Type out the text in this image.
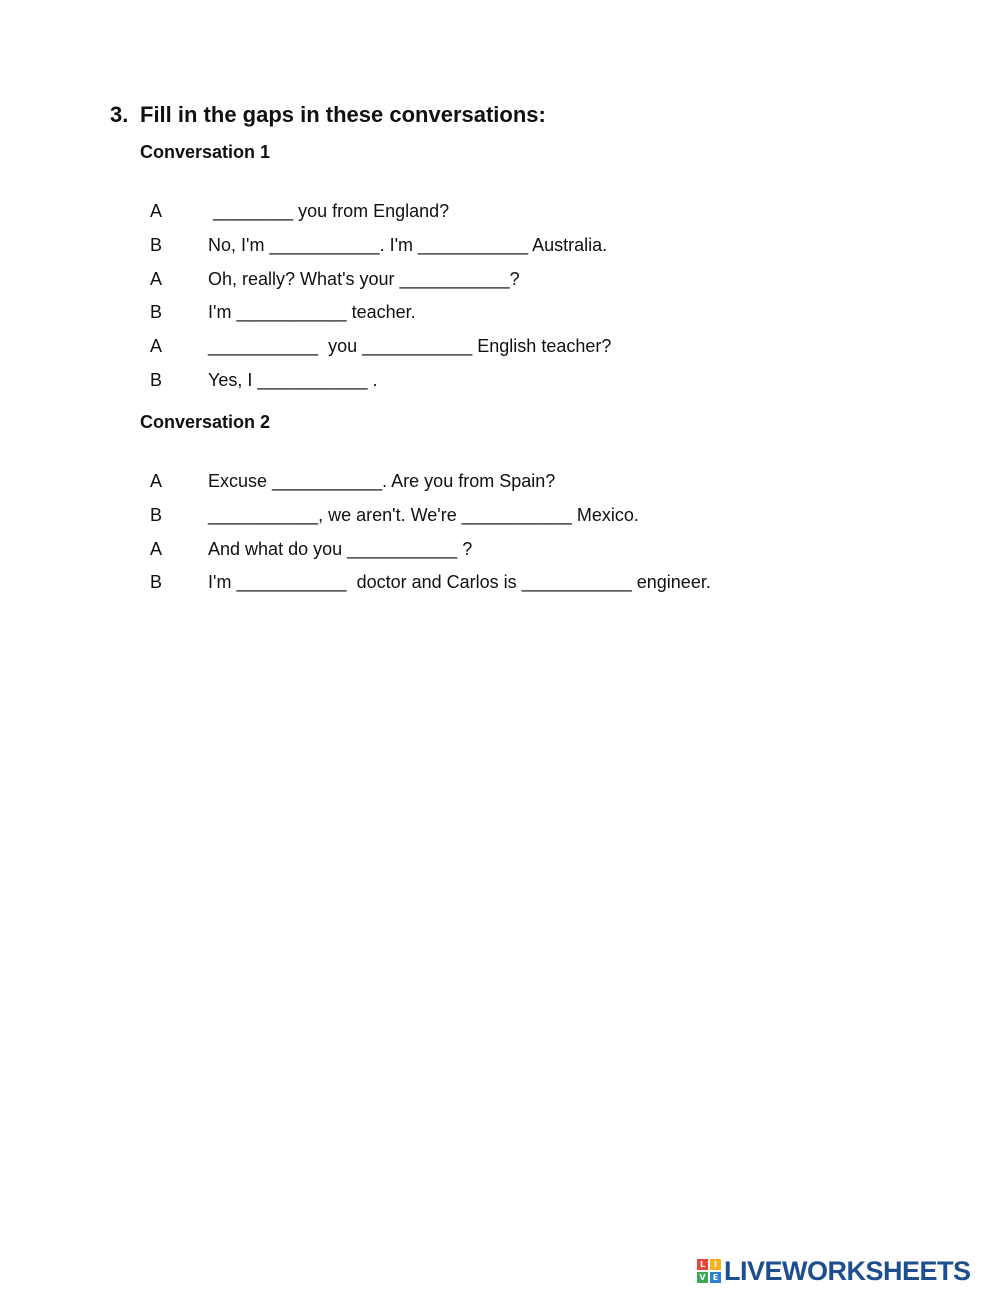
3. Fill in the gaps in these conversations:
Conversation 1

A	________ you from England?

B	No, I'm ___________. I'm ___________ Australia.

A	Oh, really? What's your ___________?

B	I'm ___________ teacher.

A	___________  you ___________ English teacher?

B	Yes, I ___________ .

Conversation 2

A	Excuse ___________. Are you from Spain?

B	___________, we aren't. We're ___________ Mexico.

A	And what do you ___________ ?

B	I'm ___________  doctor and Carlos is ___________ engineer.

L	I
V E LIVEWORKSHEETS
